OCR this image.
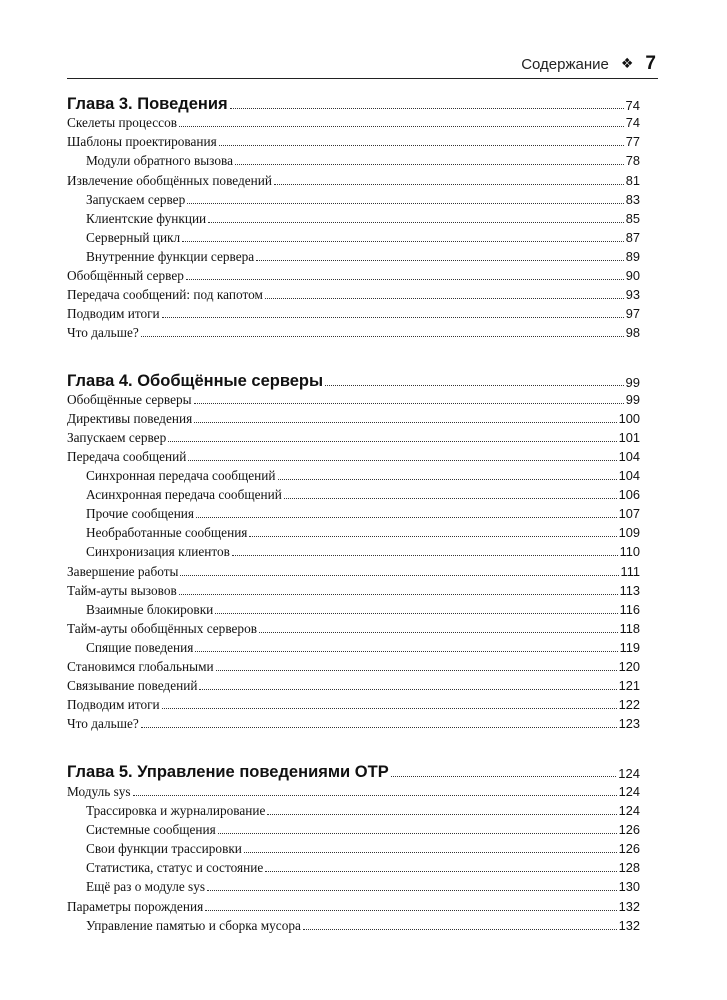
Содержание ❖ 7
Глава 3. Поведения	74
Скелеты процессов	74
Шаблоны проектирования	77
Модули обратного вызова	78
Извлечение обобщённых поведений	81
Запускаем сервер	83
Клиентские функции	85
Серверный цикл	87
Внутренние функции сервера	89
Обобщённый сервер	90
Передача сообщений: под капотом	93
Подводим итоги	97
Что дальше?	98
Глава 4. Обобщённые серверы	99
Обобщённые серверы	99
Директивы поведения	100
Запускаем сервер	101
Передача сообщений	104
Синхронная передача сообщений	104
Асинхронная передача сообщений	106
Прочие сообщения	107
Необработанные сообщения	109
Синхронизация клиентов	110
Завершение работы	111
Тайм-ауты вызовов	113
Взаимные блокировки	116
Тайм-ауты обобщённых серверов	118
Спящие поведения	119
Становимся глобальными	120
Связывание поведений	121
Подводим итоги	122
Что дальше?	123
Глава 5. Управление поведениями OTP	124
Модуль sys	124
Трассировка и журналирование	124
Системные сообщения	126
Свои функции трассировки	126
Статистика, статус и состояние	128
Ещё раз о модуле sys	130
Параметры порождения	132
Управление памятью и сборка мусора	132
